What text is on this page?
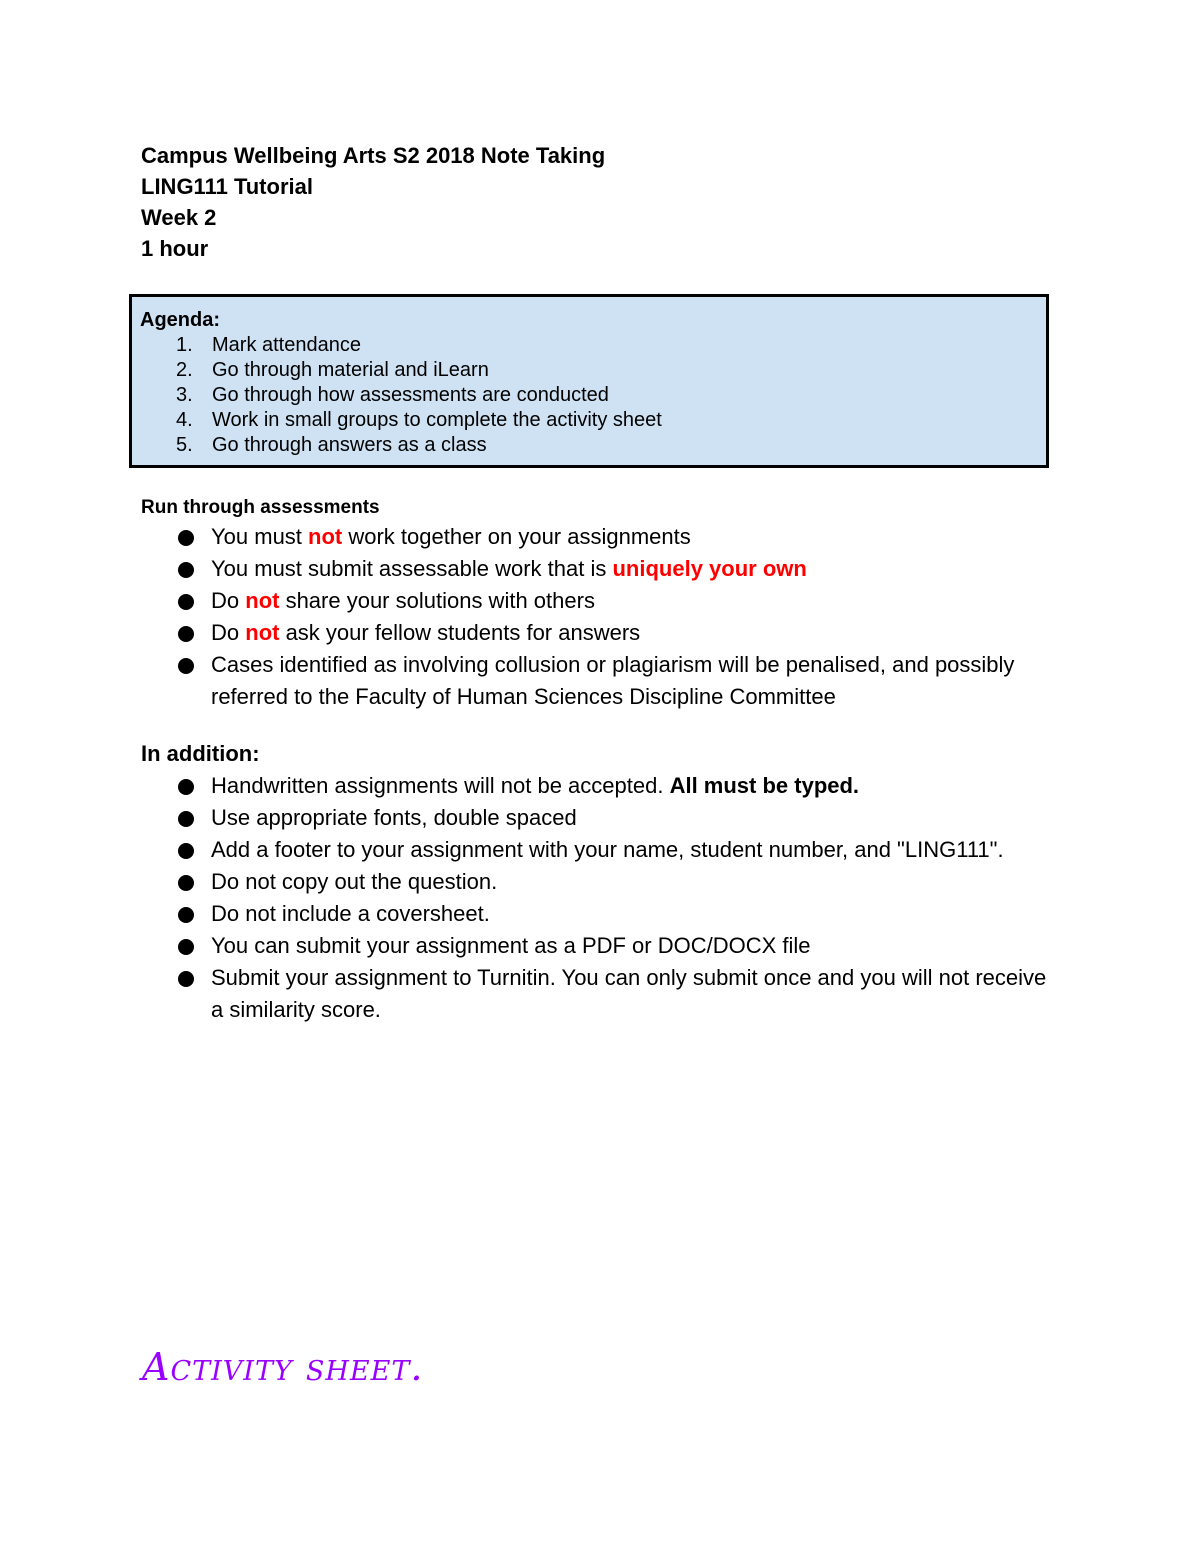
Campus Wellbeing Arts S2 2018 Note Taking
LING111 Tutorial
Week 2
1 hour
Agenda:
1. Mark attendance
2. Go through material and iLearn
3. Go through how assessments are conducted
4. Work in small groups to complete the activity sheet
5. Go through answers as a class
Run through assessments
You must not work together on your assignments
You must submit assessable work that is uniquely your own
Do not share your solutions with others
Do not ask your fellow students for answers
Cases identified as involving collusion or plagiarism will be penalised, and possibly referred to the Faculty of Human Sciences Discipline Committee
In addition:
Handwritten assignments will not be accepted. All must be typed.
Use appropriate fonts, double spaced
Add a footer to your assignment with your name, student number, and "LING111".
Do not copy out the question.
Do not include a coversheet.
You can submit your assignment as a PDF or DOC/DOCX file
Submit your assignment to Turnitin. You can only submit once and you will not receive a similarity score.
Activity sheet.
